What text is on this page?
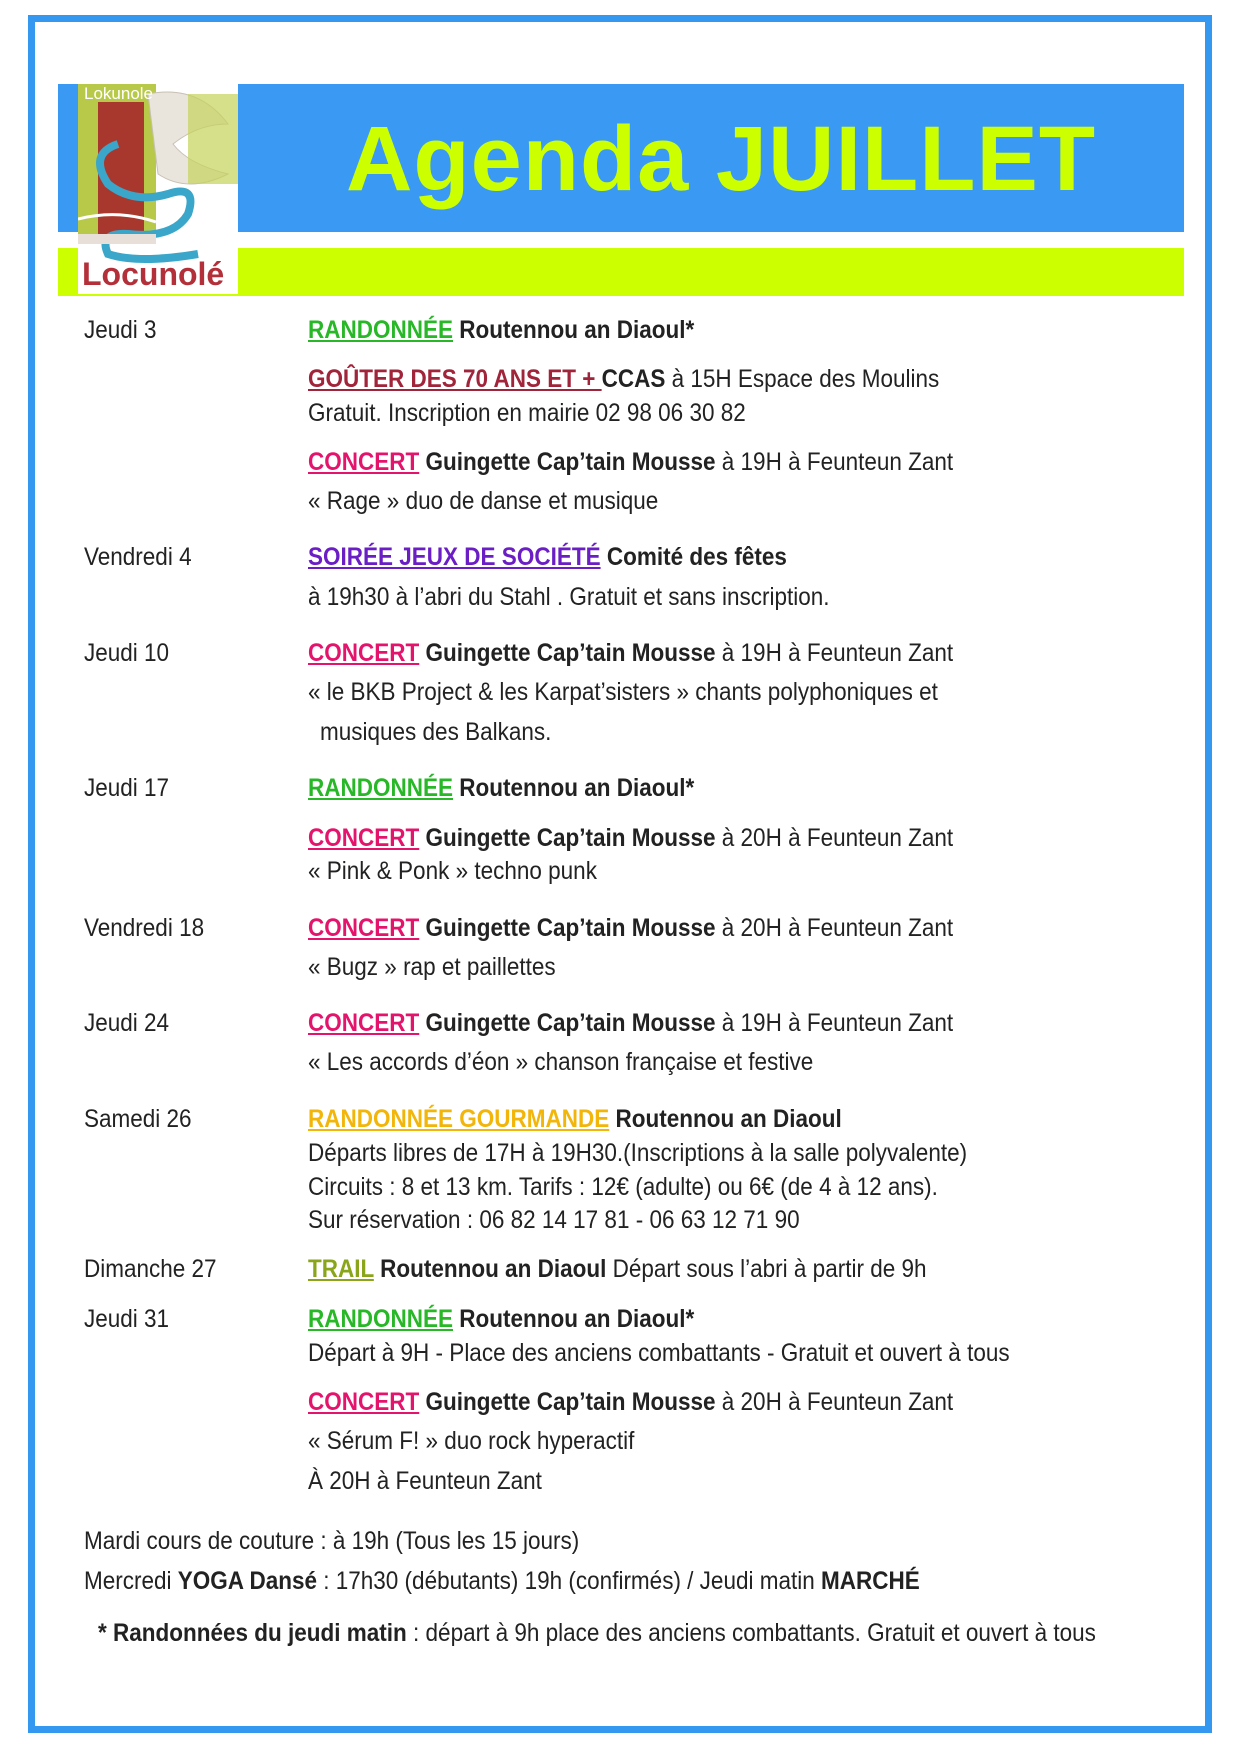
Agenda JUILLET
Lokunole
Locunolé
Jeudi 3	RANDONNÉE Routennou an Diaoul*
GOÛTER DES 70 ANS ET + CCAS à 15H Espace des Moulins
Gratuit. Inscription en mairie 02 98 06 30 82
CONCERT Guingette Cap’tain Mousse à 19H à Feunteun Zant
« Rage » duo de danse et musique
Vendredi 4	SOIRÉE JEUX DE SOCIÉTÉ Comité des fêtes
à 19h30 à l’abri du Stahl . Gratuit et sans inscription.
Jeudi 10	CONCERT Guingette Cap’tain Mousse à 19H à Feunteun Zant
« le BKB Project & les Karpat’sisters » chants polyphoniques et
musiques des Balkans.
Jeudi 17	RANDONNÉE Routennou an Diaoul*
CONCERT Guingette Cap’tain Mousse à 20H à Feunteun Zant
« Pink & Ponk » techno punk
Vendredi 18	CONCERT Guingette Cap’tain Mousse à 20H à Feunteun Zant
« Bugz » rap et paillettes
Jeudi 24	CONCERT Guingette Cap’tain Mousse à 19H à Feunteun Zant
« Les accords d’éon » chanson française et festive
Samedi 26	RANDONNÉE GOURMANDE Routennou an Diaoul
Départs libres de 17H à 19H30.(Inscriptions à la salle polyvalente)
Circuits : 8 et 13 km. Tarifs : 12€ (adulte) ou 6€ (de 4 à 12 ans).
Sur réservation : 06 82 14 17 81 - 06 63 12 71 90
Dimanche 27	TRAIL Routennou an Diaoul Départ sous l’abri à partir de 9h
Jeudi 31	RANDONNÉE Routennou an Diaoul*
Départ à 9H - Place des anciens combattants - Gratuit et ouvert à tous
CONCERT Guingette Cap’tain Mousse à 20H à Feunteun Zant
« Sérum F! » duo rock hyperactif
À 20H à Feunteun Zant
Mardi cours de couture : à 19h (Tous les 15 jours)
Mercredi YOGA Dansé : 17h30 (débutants) 19h (confirmés) / Jeudi matin MARCHÉ
* Randonnées du jeudi matin : départ à 9h place des anciens combattants. Gratuit et ouvert à tous
